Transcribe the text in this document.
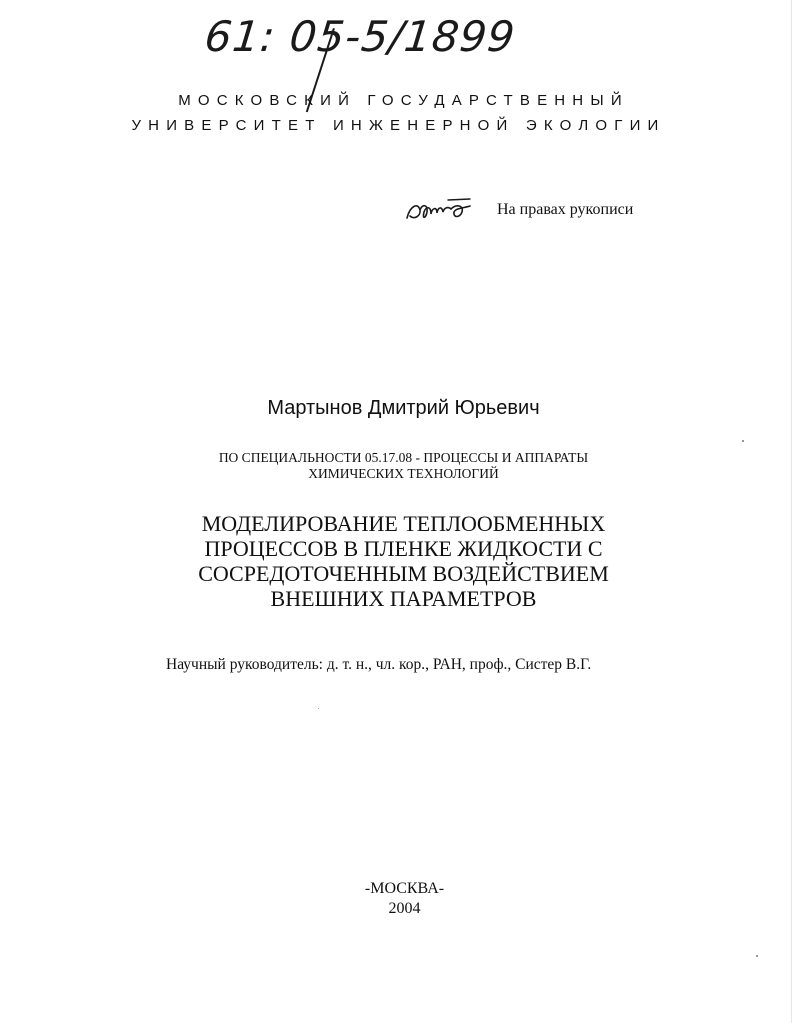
61: 05-5/1899
МОСКОВСКИЙ ГОСУДАРСТВЕННЫЙ
УНИВЕРСИТЕТ ИНЖЕНЕРНОЙ ЭКОЛОГИИ
На правах рукописи
Мартынов Дмитрий Юрьевич
ПО СПЕЦИАЛЬНОСТИ 05.17.08 - ПРОЦЕССЫ И АППАРАТЫ
ХИМИЧЕСКИХ ТЕХНОЛОГИЙ
МОДЕЛИРОВАНИЕ ТЕПЛООБМЕННЫХ
ПРОЦЕССОВ В ПЛЕНКЕ ЖИДКОСТИ С
СОСРЕДОТОЧЕННЫМ ВОЗДЕЙСТВИЕМ
ВНЕШНИХ ПАРАМЕТРОВ
Научный руководитель: д. т. н., чл. кор., РАН, проф., Систер В.Г.
-МОСКВА-
2004
